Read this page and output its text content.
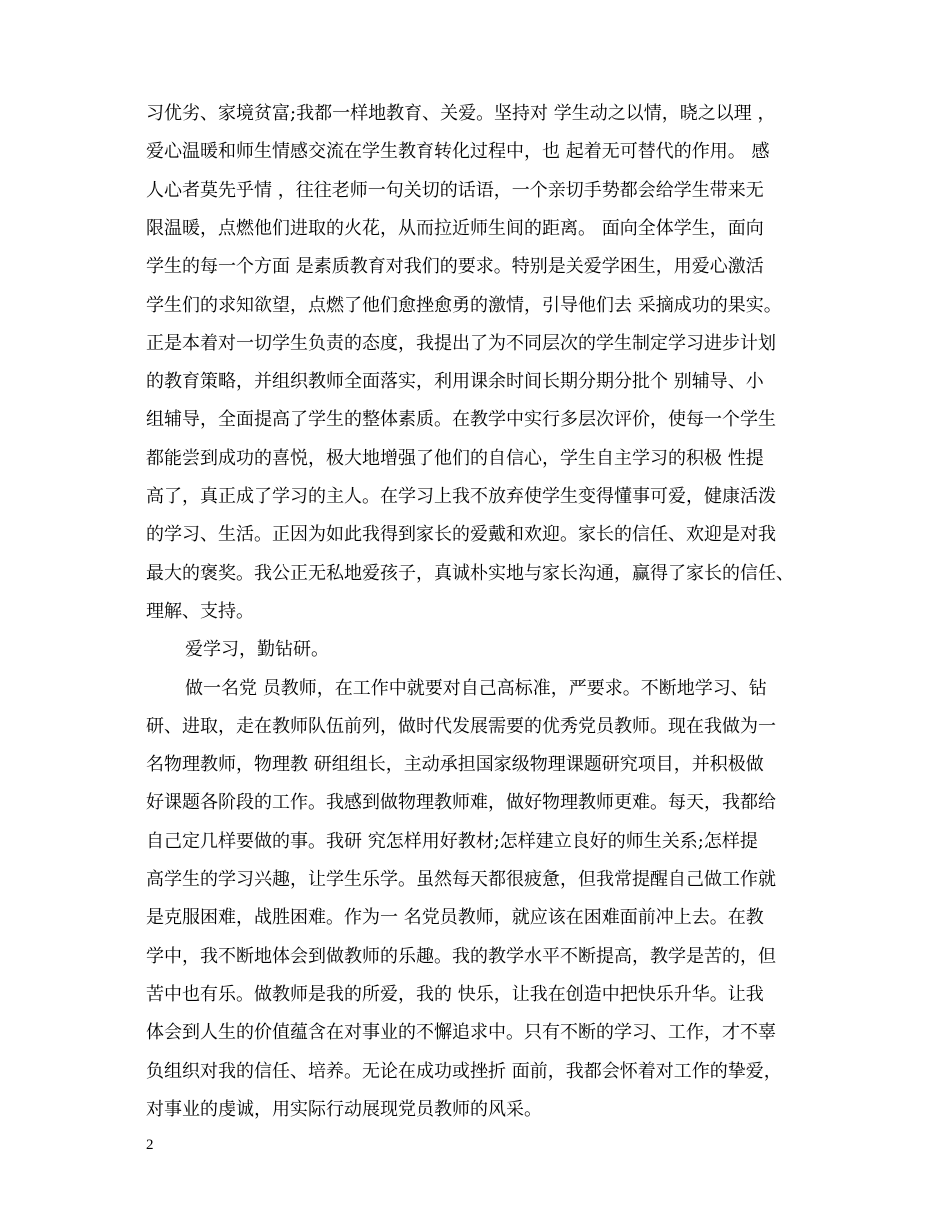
习优劣、家境贫富;我都一样地教育、关爱。坚持对 学生动之以情，晓之以理 ，
爱心温暖和师生情感交流在学生教育转化过程中，也 起着无可替代的作用。 感
人心者莫先乎情 ，往往老师一句关切的话语，一个亲切手势都会给学生带来无
限温暖，点燃他们进取的火花，从而拉近师生间的距离。 面向全体学生，面向
学生的每一个方面 是素质教育对我们的要求。特别是关爱学困生，用爱心激活
学生们的求知欲望，点燃了他们愈挫愈勇的激情，引导他们去 采摘成功的果实。
正是本着对一切学生负责的态度，我提出了为不同层次的学生制定学习进步计划
的教育策略，并组织教师全面落实，利用课余时间长期分期分批个 别辅导、小
组辅导，全面提高了学生的整体素质。在教学中实行多层次评价，使每一个学生
都能尝到成功的喜悦，极大地增强了他们的自信心，学生自主学习的积极 性提
高了，真正成了学习的主人。在学习上我不放弃使学生变得懂事可爱，健康活泼
的学习、生活。正因为如此我得到家长的爱戴和欢迎。家长的信任、欢迎是对我
最大的褒奖。我公正无私地爱孩子，真诚朴实地与家长沟通，赢得了家长的信任、
理解、支持。
爱学习，勤钻研。
做一名党 员教师，在工作中就要对自己高标准，严要求。不断地学习、钻
研、进取，走在教师队伍前列，做时代发展需要的优秀党员教师。现在我做为一
名物理教师，物理教 研组组长，主动承担国家级物理课题研究项目，并积极做
好课题各阶段的工作。我感到做物理教师难，做好物理教师更难。每天，我都给
自己定几样要做的事。我研 究怎样用好教材;怎样建立良好的师生关系;怎样提
高学生的学习兴趣，让学生乐学。虽然每天都很疲惫，但我常提醒自己做工作就
是克服困难，战胜困难。作为一 名党员教师，就应该在困难面前冲上去。在教
学中，我不断地体会到做教师的乐趣。我的教学水平不断提高，教学是苦的，但
苦中也有乐。做教师是我的所爱，我的 快乐，让我在创造中把快乐升华。让我
体会到人生的价值蕴含在对事业的不懈追求中。只有不断的学习、工作，才不辜
负组织对我的信任、培养。无论在成功或挫折 面前，我都会怀着对工作的挚爱，
对事业的虔诚，用实际行动展现党员教师的风采。
2
